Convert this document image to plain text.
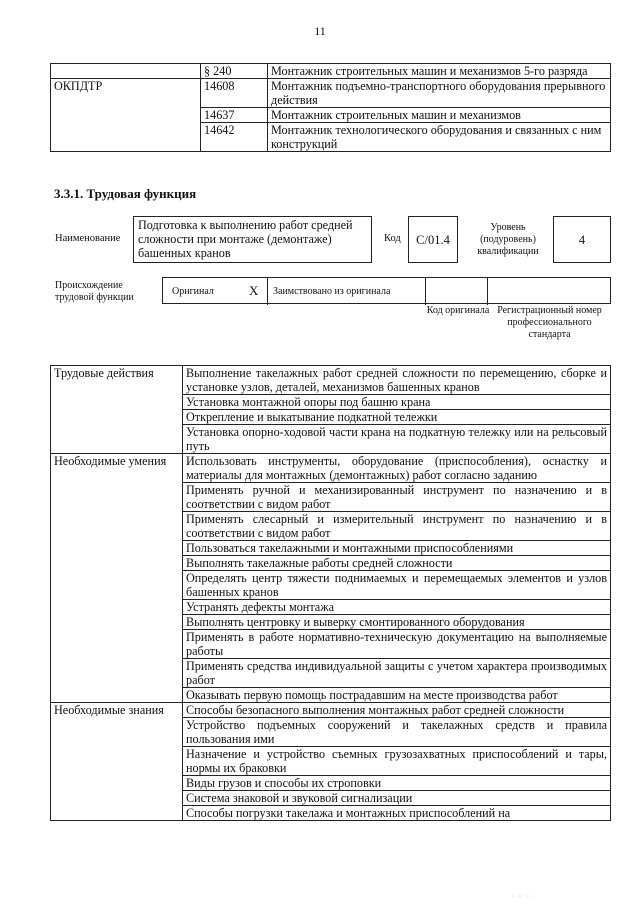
11
	§ 240	Монтажник строительных машин и механизмов 5-го разряда
ОКПДТР	14608	Монтажник подъемно-транспортного оборудования прерывного действия
	14637	Монтажник строительных машин и механизмов
	14642	Монтажник технологического оборудования и связанных с ним конструкций
3.3.1. Трудовая функция
Наименование
Подготовка к выполнению работ средней сложности при монтаже (демонтаже) башенных кранов
Код	С/01.4
Уровень (подуровень) квалификации
4
Происхождение трудовой функции
Оригинал	X Заимствовано из оригинала
Код оригинала Регистрационный номер профессионального стандарта
Трудовые действия	Выполнение такелажных работ средней сложности по перемещению, сборке и установке узлов, деталей, механизмов башенных кранов
	Установка монтажной опоры под башню крана
	Открепление и выкатывание подкатной тележки
	Установка опорно-ходовой части крана на подкатную тележку или на рельсовый путь
Необходимые умения	Использовать инструменты, оборудование (приспособления), оснастку и материалы для монтажных (демонтажных) работ согласно заданию
	Применять ручной и механизированный инструмент по назначению и в соответствии с видом работ
	Применять слесарный и измерительный инструмент по назначению и в соответствии с видом работ
	Пользоваться такелажными и монтажными приспособлениями
	Выполнять такелажные работы средней сложности
	Определять центр тяжести поднимаемых и перемещаемых элементов и узлов башенных кранов
	Устранять дефекты монтажа
	Выполнять центровку и выверку смонтированного оборудования
	Применять в работе нормативно-техническую документацию на выполняемые работы
	Применять средства индивидуальной защиты с учетом характера производимых работ
	Оказывать первую помощь пострадавшим на месте производства работ
Необходимые знания	Способы безопасного выполнения монтажных работ средней сложности
	Устройство подъемных сооружений и такелажных средств и правила пользования ими
	Назначение и устройство съемных грузозахватных приспособлений и тары, нормы их браковки
	Виды грузов и способы их строповки
	Система знаковой и звуковой сигнализации
	Способы погрузки такелажа и монтажных приспособлений на
· · · ·
